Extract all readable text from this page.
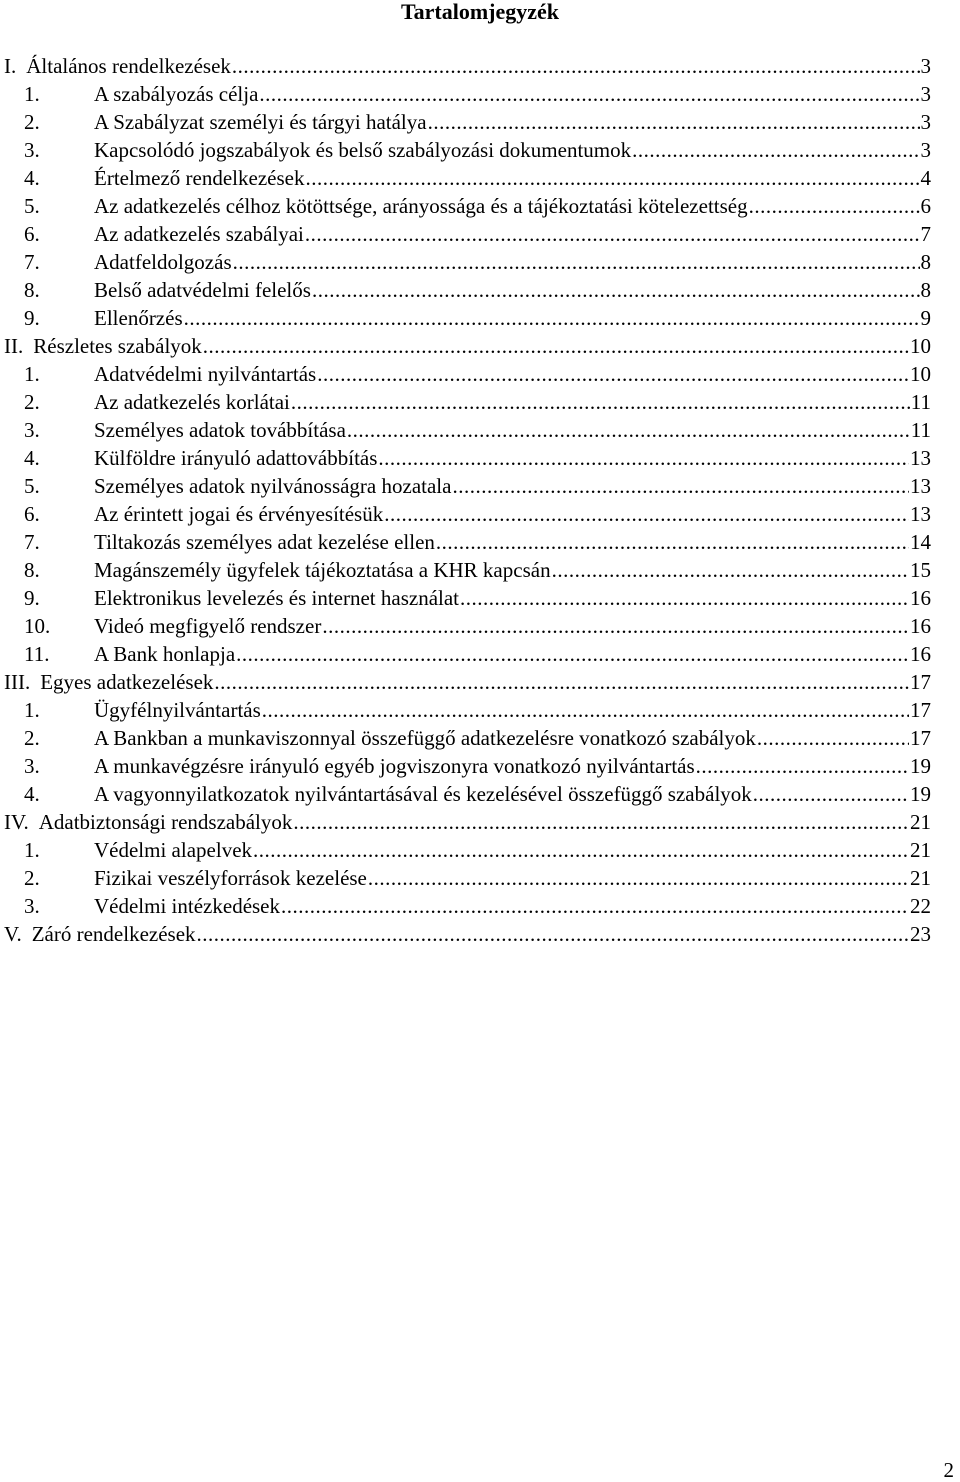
Tartalomjegyzék
I. Általános rendelkezések .....	3
1.	A szabályozás célja .....	3
2.	A Szabályzat személyi és tárgyi hatálya .....	3
3.	Kapcsolódó jogszabályok és belső szabályozási dokumentumok .....	3
4.	Értelmező rendelkezések .....	4
5.	Az adatkezelés célhoz kötöttsége, arányossága és a tájékoztatási kötelezettség .....	6
6.	Az adatkezelés szabályai .....	7
7.	Adatfeldolgozás .....	8
8.	Belső adatvédelmi felelős .....	8
9.	Ellenőrzés .....	9
II. Részletes szabályok .....	10
1.	Adatvédelmi nyilvántartás .....	10
2.	Az adatkezelés korlátai .....	11
3.	Személyes adatok továbbítása .....	11
4.	Külföldre irányuló adattovábbítás .....	13
5.	Személyes adatok nyilvánosságra hozatala .....	13
6.	Az érintett jogai és érvényesítésük .....	13
7.	Tiltakozás személyes adat kezelése ellen .....	14
8.	Magánszemély ügyfelek tájékoztatása a KHR kapcsán .....	15
9.	Elektronikus levelezés és internet használat .....	16
10.	Videó megfigyelő rendszer .....	16
11.	A Bank honlapja .....	16
III. Egyes adatkezelések .....	17
1.	Ügyfélnyilvántartás .....	17
2.	A Bankban a munkaviszonnyal összefüggő adatkezelésre vonatkozó szabályok .....	17
3.	A munkavégzésre irányuló egyéb jogviszonyra vonatkozó nyilvántartás .....	19
4.	A vagyonnyilatkozatok nyilvántartásával és kezelésével összefüggő szabályok .....	19
IV. Adatbiztonsági rendszabályok .....	21
1.	Védelmi alapelvek .....	21
2.	Fizikai veszélyforrások kezelése .....	21
3.	Védelmi intézkedések .....	22
V. Záró rendelkezések .....	23
2
